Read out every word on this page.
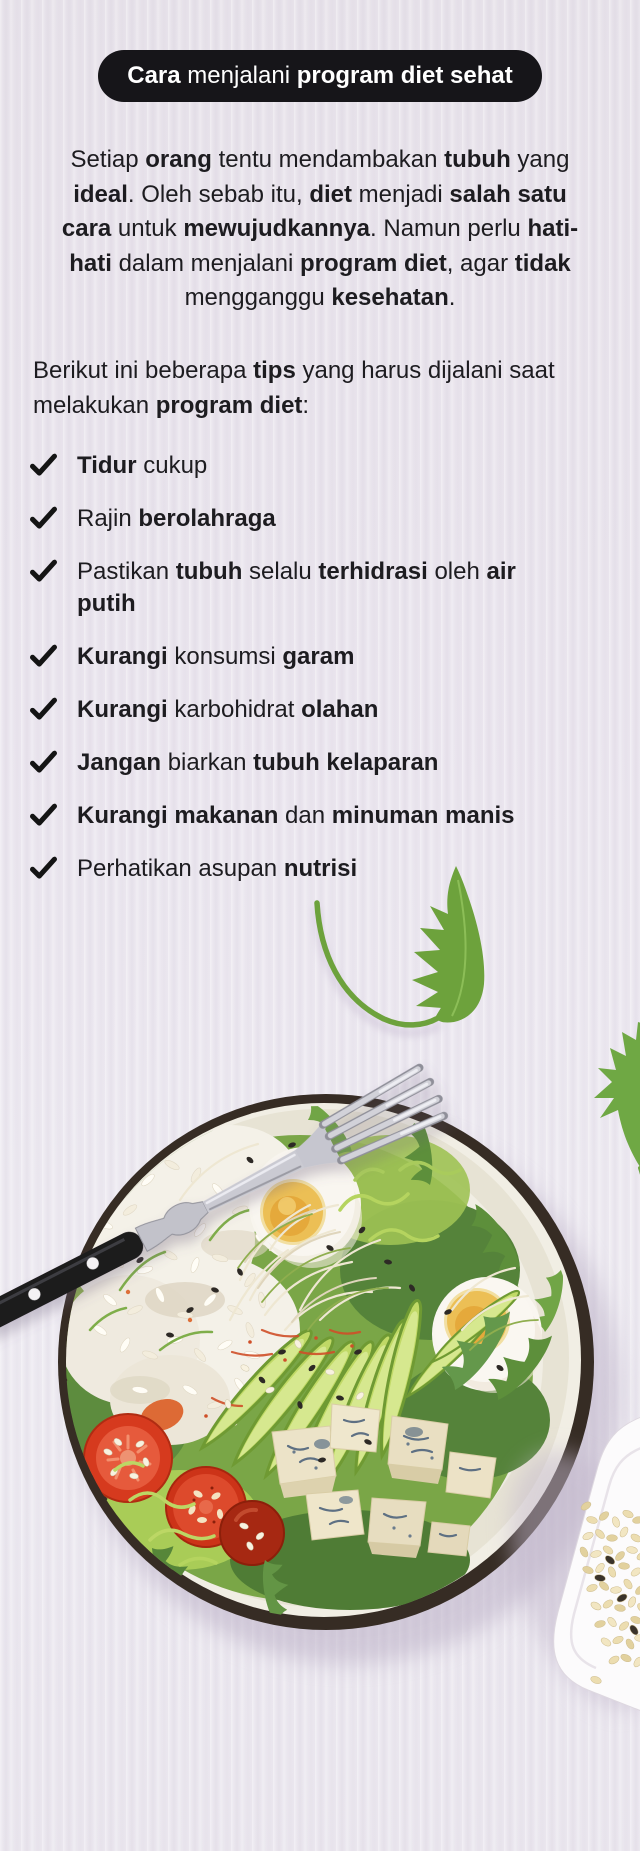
Cara menjalani program diet sehat
Setiap orang tentu mendambakan tubuh yang
ideal. Oleh sebab itu, diet menjadi salah satu
cara untuk mewujudkannya. Namun perlu hati-
hati dalam menjalani program diet, agar tidak
mengganggu kesehatan.
Berikut ini beberapa tips yang harus dijalani saat
melakukan program diet:
Tidur cukup
Rajin berolahraga
Pastikan tubuh selalu terhidrasi oleh air
putih
Kurangi konsumsi garam
Kurangi karbohidrat olahan
Jangan biarkan tubuh kelaparan
Kurangi makanan dan minuman manis
Perhatikan asupan nutrisi
